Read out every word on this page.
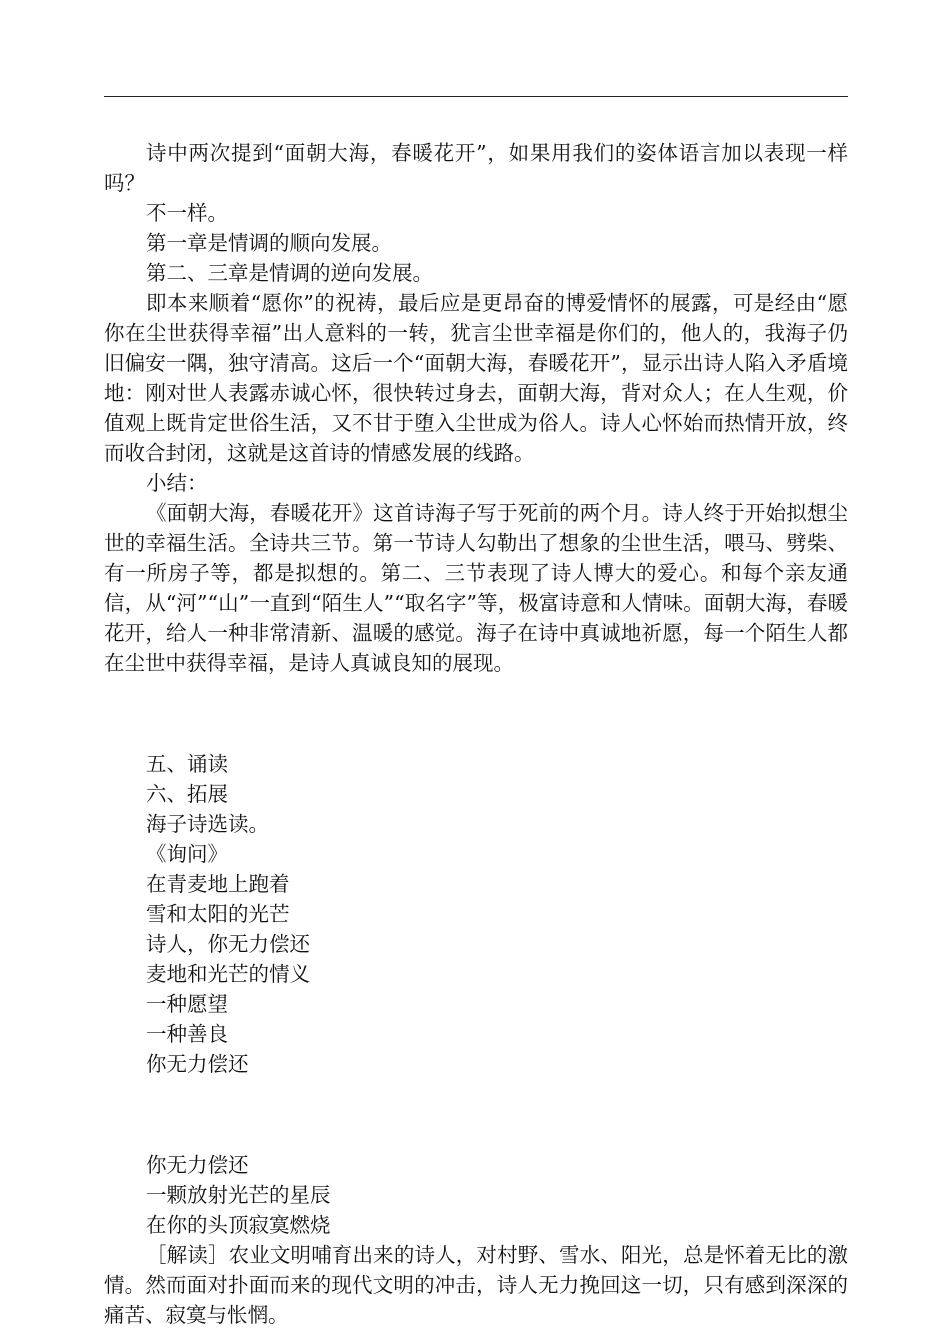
诗中两次提到“面朝大海，春暖花开”，如果用我们的姿体语言加以表现一样吗？

不一样。

第一章是情调的顺向发展。

第二、三章是情调的逆向发展。

即本来顺着“愿你”的祝祷，最后应是更昂奋的博爱情怀的展露，可是经由“愿你在尘世获得幸福”出人意料的一转，犹言尘世幸福是你们的，他人的，我海子仍旧偏安一隅，独守清高。这后一个“面朝大海，春暖花开”，显示出诗人陷入矛盾境地：刚对世人表露赤诚心怀，很快转过身去，面朝大海，背对众人；在人生观，价值观上既肯定世俗生活，又不甘于堕入尘世成为俗人。诗人心怀始而热情开放，终而收合封闭，这就是这首诗的情感发展的线路。

小结：

《面朝大海，春暖花开》这首诗海子写于死前的两个月。诗人终于开始拟想尘世的幸福生活。全诗共三节。第一节诗人勾勒出了想象的尘世生活，喂马、劈柴、有一所房子等，都是拟想的。第二、三节表现了诗人博大的爱心。和每个亲友通信，从“河”“山”一直到“陌生人”“取名字”等，极富诗意和人情味。面朝大海，春暖花开，给人一种非常清新、温暖的感觉。海子在诗中真诚地祈愿，每一个陌生人都在尘世中获得幸福，是诗人真诚良知的展现。

五、诵读

六、拓展

海子诗选读。

《询问》

在青麦地上跑着

雪和太阳的光芒

诗人，你无力偿还

麦地和光芒的情义

一种愿望

一种善良

你无力偿还

你无力偿还

一颗放射光芒的星辰

在你的头顶寂寞燃烧

［解读］农业文明哺育出来的诗人，对村野、雪水、阳光，总是怀着无比的激情。然而面对扑面而来的现代文明的冲击，诗人无力挽回这一切，只有感到深深的痛苦、寂寞与怅惘。
